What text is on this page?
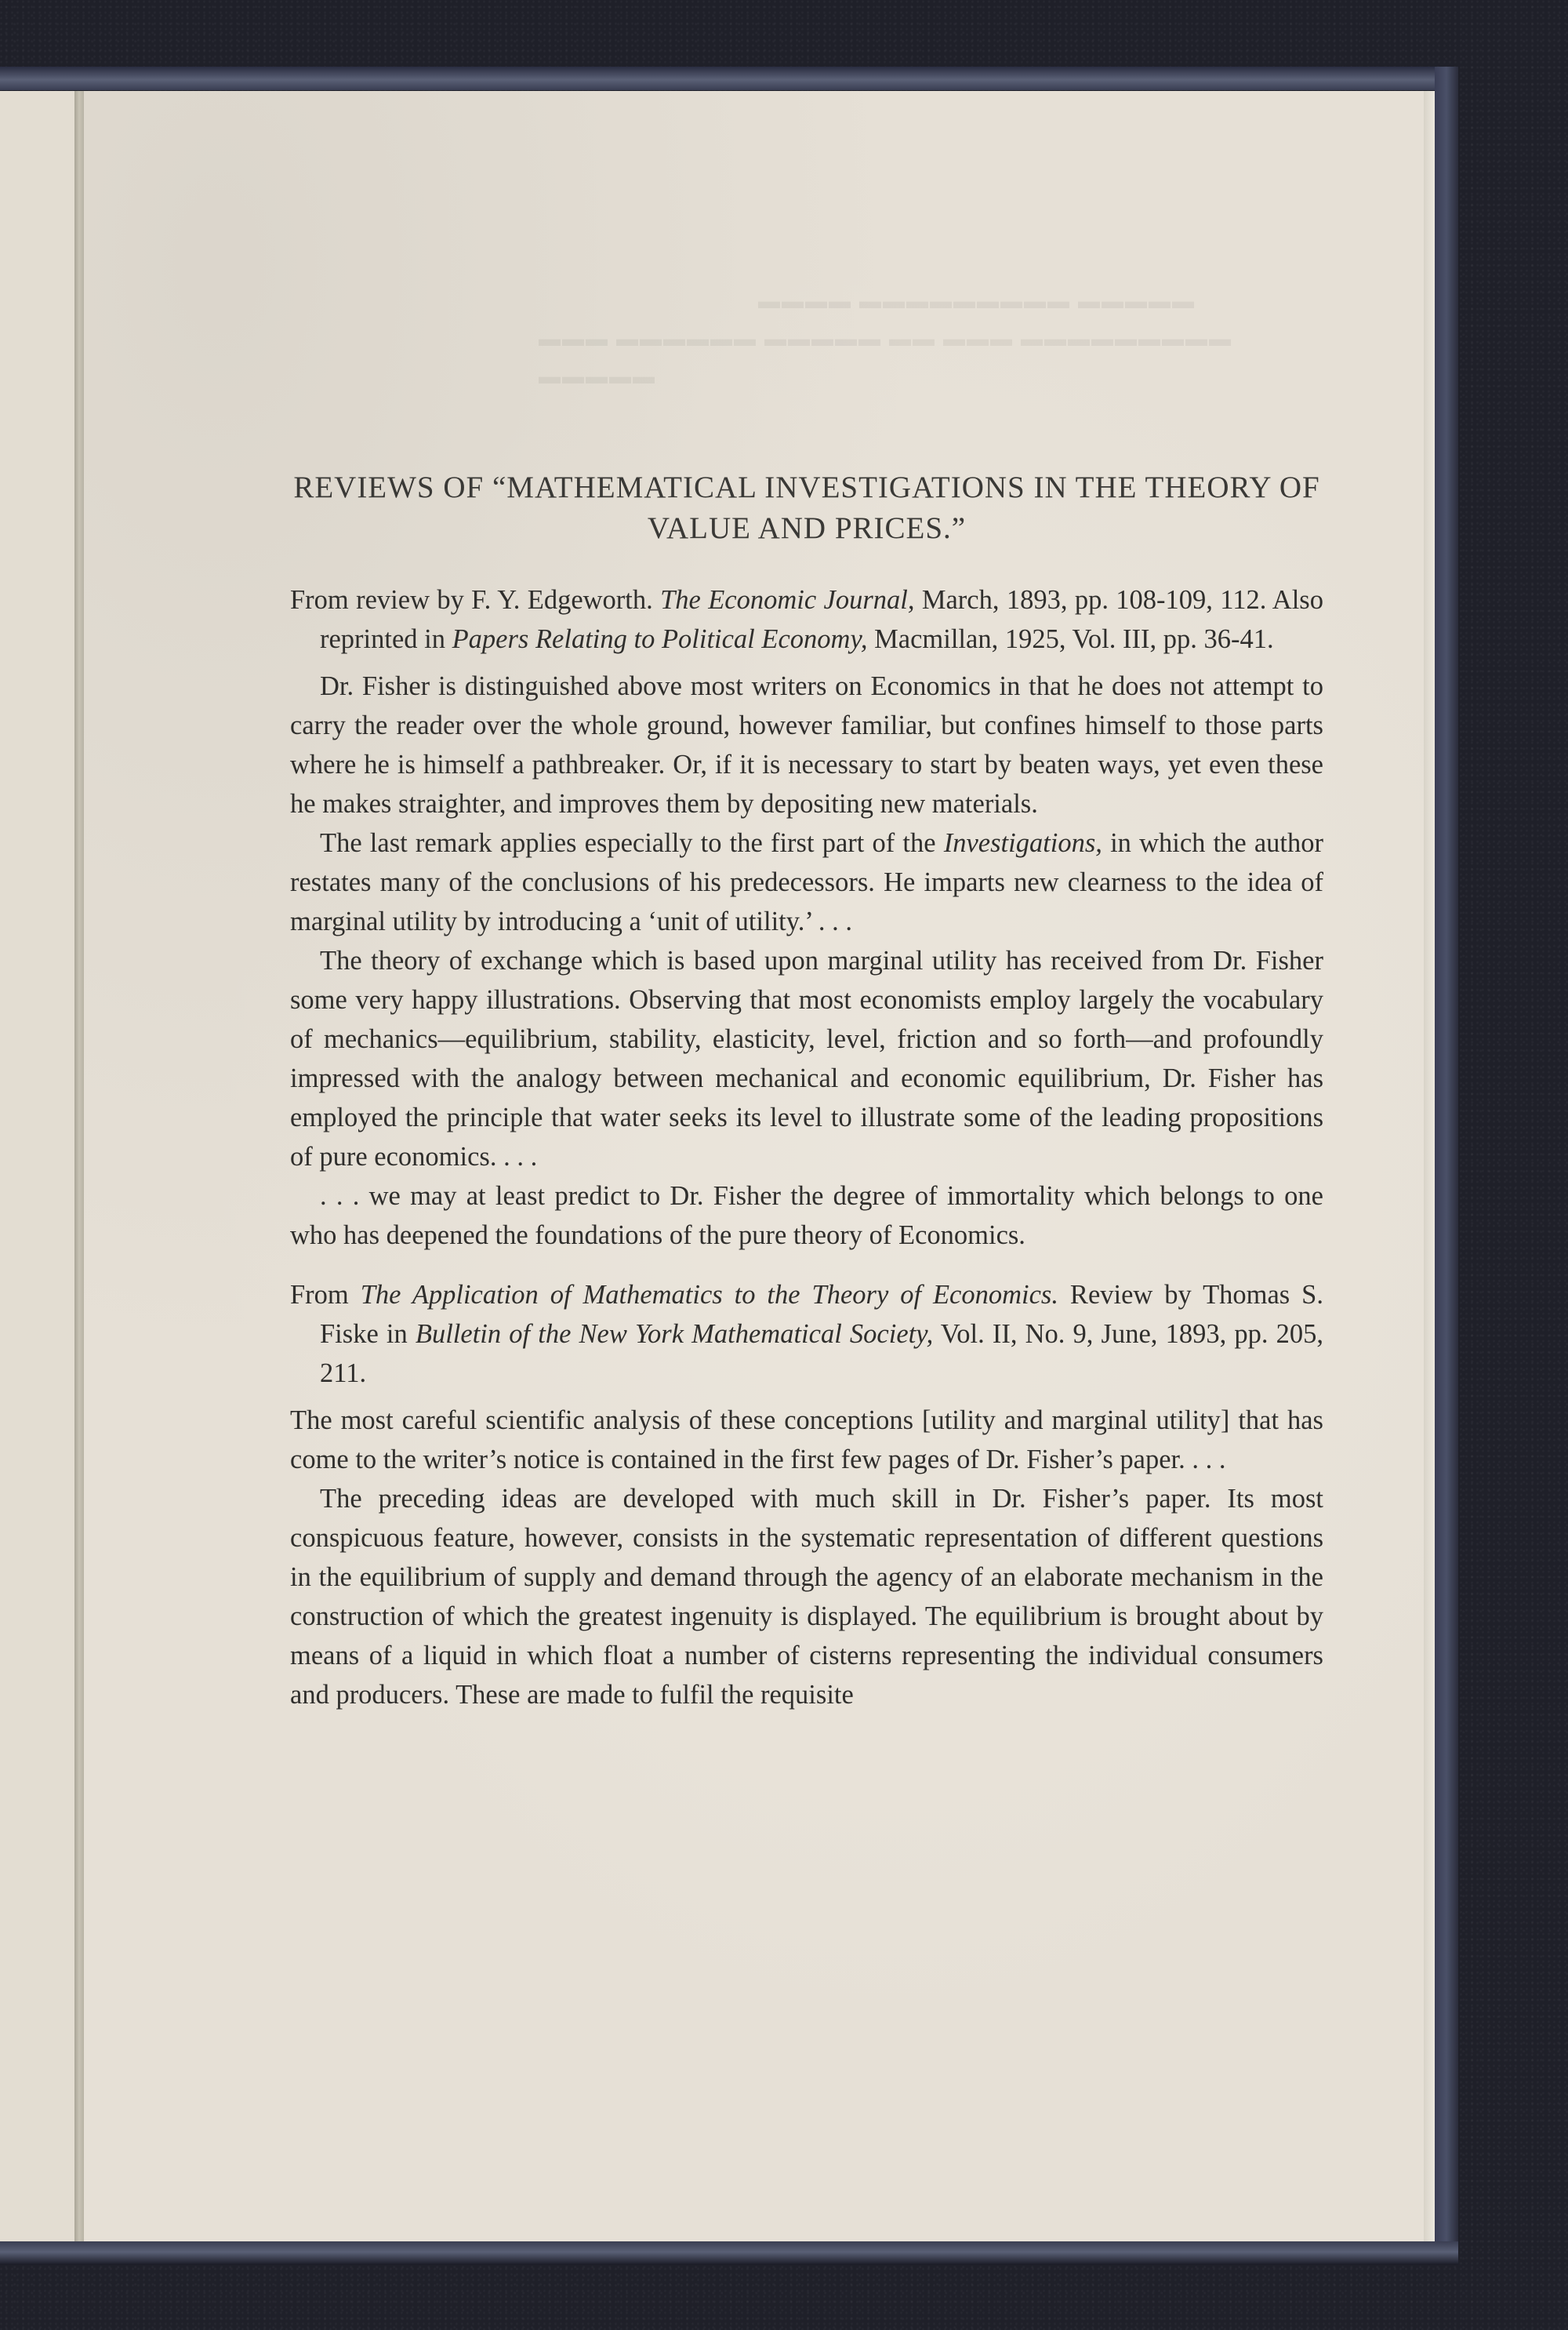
▬▬▬▬ ▬▬▬▬▬▬▬▬▬ ▬▬▬▬▬
▬▬▬ ▬▬▬▬▬▬ ▬▬▬▬▬ ▬▬ ▬▬▬ ▬▬▬▬▬▬▬▬▬ ▬▬▬▬▬
REVIEWS OF “MATHEMATICAL INVESTIGATIONS IN THE THEORY OF VALUE AND PRICES.”

From review by F. Y. Edgeworth. The Economic Journal, March, 1893, pp. 108-109, 112. Also reprinted in Papers Relating to Political Economy, Macmillan, 1925, Vol. III, pp. 36-41.

Dr. Fisher is distinguished above most writers on Economics in that he does not attempt to carry the reader over the whole ground, however familiar, but confines himself to those parts where he is himself a pathbreaker. Or, if it is necessary to start by beaten ways, yet even these he makes straighter, and improves them by depositing new materials.

The last remark applies especially to the first part of the Investigations, in which the author restates many of the conclusions of his predecessors. He imparts new clearness to the idea of marginal utility by introducing a ‘unit of utility.’ . . .

The theory of exchange which is based upon marginal utility has received from Dr. Fisher some very happy illustrations. Observing that most economists employ largely the vocabulary of mechanics—equilibrium, stability, elasticity, level, friction and so forth—and profoundly impressed with the analogy between mechanical and economic equilibrium, Dr. Fisher has employed the principle that water seeks its level to illustrate some of the leading propositions of pure economics. . . .

. . . we may at least predict to Dr. Fisher the degree of immortality which belongs to one who has deepened the foundations of the pure theory of Economics.

From The Application of Mathematics to the Theory of Economics. Review by Thomas S. Fiske in Bulletin of the New York Mathematical Society, Vol. II, No. 9, June, 1893, pp. 205, 211.

The most careful scientific analysis of these conceptions [utility and marginal utility] that has come to the writer’s notice is contained in the first few pages of Dr. Fisher’s paper. . . .

The preceding ideas are developed with much skill in Dr. Fisher’s paper. Its most conspicuous feature, however, consists in the systematic representation of different questions in the equilibrium of supply and demand through the agency of an elaborate mechanism in the construction of which the greatest ingenuity is displayed. The equilibrium is brought about by means of a liquid in which float a number of cisterns representing the individual consumers and producers. These are made to fulfil the requisite
